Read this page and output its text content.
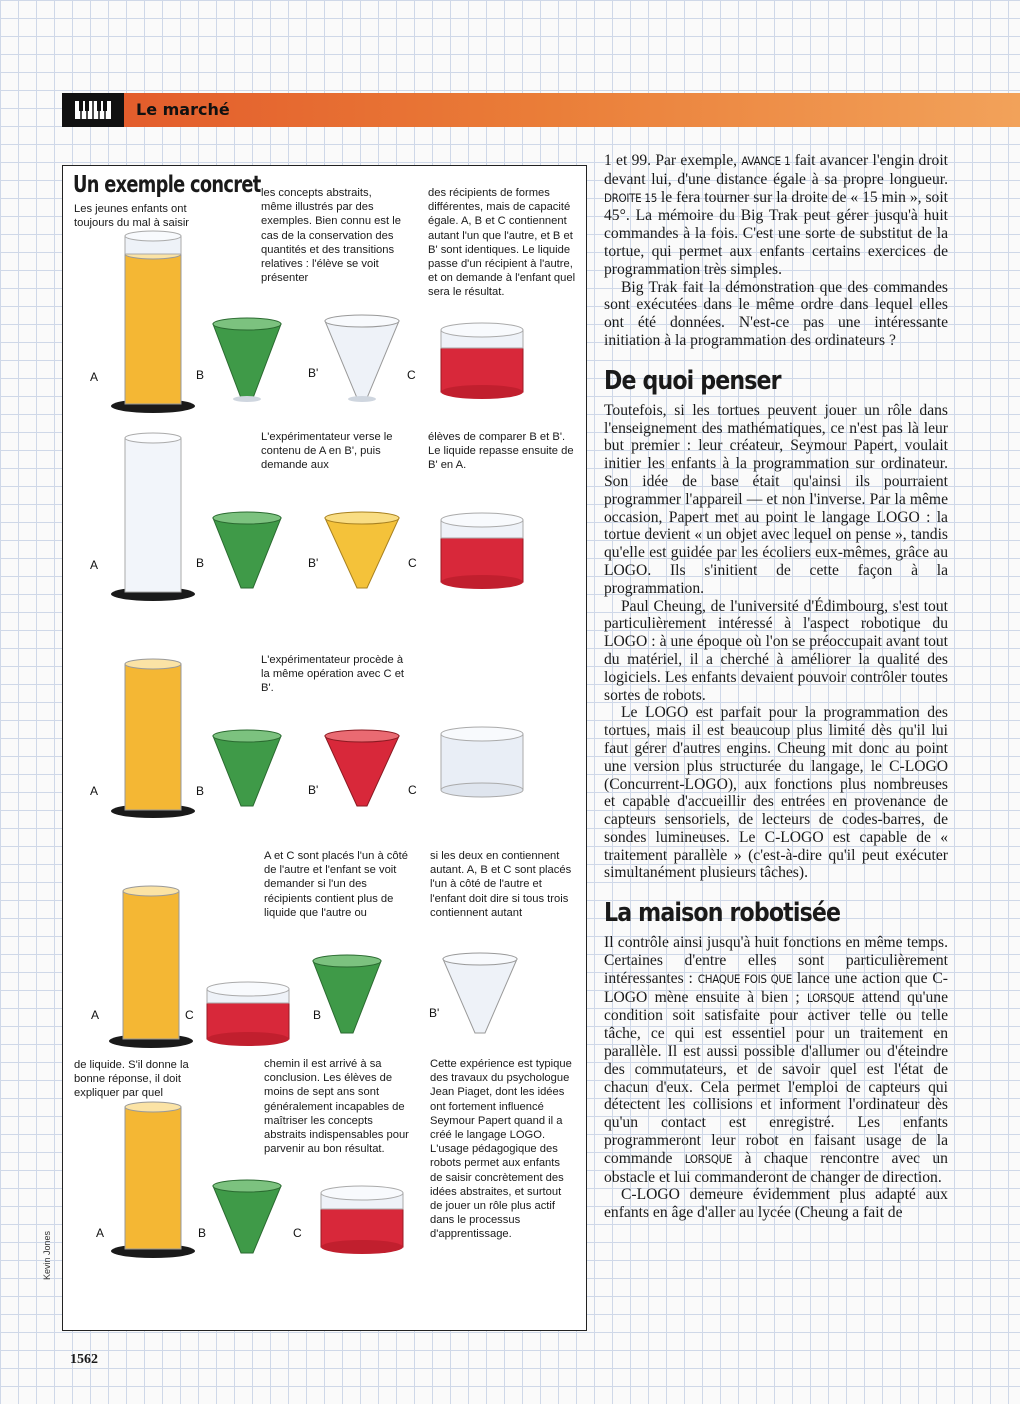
Le marché
Un exemple concret
Les jeunes enfants ont toujours du mal à saisir
les concepts abstraits, même illustrés par des exemples. Bien connu est le cas de la conservation des quantités et des transitions relatives : l'élève se voit présenter
des récipients de formes différentes, mais de capacité égale. A, B et C contiennent autant l'un que l'autre, et B et B' sont identiques. Le liquide passe d'un récipient à l'autre, et on demande à l'enfant quel sera le résultat.
L'expérimentateur verse le contenu de A en B', puis demande aux
élèves de comparer B et B'. Le liquide repasse ensuite de B' en A.
L'expérimentateur procède à la même opération avec C et B'.
A et C sont placés l'un à côté de l'autre et l'enfant se voit demander si l'un des récipients contient plus de liquide que l'autre ou
si les deux en contiennent autant. A, B et C sont placés l'un à côté de l'autre et l'enfant doit dire si tous trois contiennent autant
de liquide. S'il donne la bonne réponse, il doit expliquer par quel
chemin il est arrivé à sa conclusion. Les élèves de moins de sept ans sont généralement incapables de maîtriser les concepts abstraits indispensables pour parvenir au bon résultat.
Cette expérience est typique des travaux du psychologue Jean Piaget, dont les idées ont fortement influencé Seymour Papert quand il a créé le langage LOGO. L'usage pédagogique des robots permet aux enfants de saisir concrètement des idées abstraites, et surtout de jouer un rôle plus actif dans le processus d'apprentissage.
A	B	B'	C
A	B	B'	C
A	B	B'	C
A	C	B	B'
A	B	C
Kevin Jones
1562

1 et 99. Par exemple, AVANCE 1 fait avancer l'engin droit devant lui, d'une distance égale à sa propre longueur. DROITE 15 le fera tourner sur la droite de « 15 min », soit 45°. La mémoire du Big Trak peut gérer jusqu'à huit commandes à la fois. C'est une sorte de substitut de la tortue, qui permet aux enfants certains exercices de programmation très simples.

Big Trak fait la démonstration que des commandes sont exécutées dans le même ordre dans lequel elles ont été données. N'est-ce pas une intéressante initiation à la programmation des ordinateurs ?

De quoi penser

Toutefois, si les tortues peuvent jouer un rôle dans l'enseignement des mathématiques, ce n'est pas là leur but premier : leur créateur, Seymour Papert, voulait initier les enfants à la programmation sur ordinateur. Son idée de base était qu'ainsi ils pourraient programmer l'appareil — et non l'inverse. Par la même occasion, Papert met au point le langage LOGO : la tortue devient « un objet avec lequel on pense », tandis qu'elle est guidée par les écoliers eux-mêmes, grâce au LOGO. Ils s'initient de cette façon à la programmation.

Paul Cheung, de l'université d'Édimbourg, s'est tout particulièrement intéressé à l'aspect robotique du LOGO : à une époque où l'on se préoccupait avant tout du matériel, il a cherché à améliorer la qualité des logiciels. Les enfants devaient pouvoir contrôler toutes sortes de robots.

Le LOGO est parfait pour la programmation des tortues, mais il est beaucoup plus limité dès qu'il lui faut gérer d'autres engins. Cheung mit donc au point une version plus structurée du langage, le C-LOGO (Concurrent-LOGO), aux fonctions plus nombreuses et capable d'accueillir des entrées en provenance de capteurs sensoriels, de lecteurs de codes-barres, de sondes lumineuses. Le C-LOGO est capable de « traitement parallèle » (c'est-à-dire qu'il peut exécuter simultanément plusieurs tâches).

La maison robotisée

Il contrôle ainsi jusqu'à huit fonctions en même temps. Certaines d'entre elles sont particulièrement intéressantes : CHAQUE FOIS QUE lance une action que C-LOGO mène ensuite à bien ; LORSQUE attend qu'une condition soit satisfaite pour activer telle ou telle tâche, ce qui est essentiel pour un traitement en parallèle. Il est aussi possible d'allumer ou d'éteindre des commutateurs, et de savoir quel est l'état de chacun d'eux. Cela permet l'emploi de capteurs qui détectent les collisions et informent l'ordinateur dès qu'un contact est enregistré. Les enfants programmeront leur robot en faisant usage de la commande LORSQUE à chaque rencontre avec un obstacle et lui commanderont de changer de direction.

C-LOGO demeure évidemment plus adapté aux enfants en âge d'aller au lycée (Cheung a fait de
